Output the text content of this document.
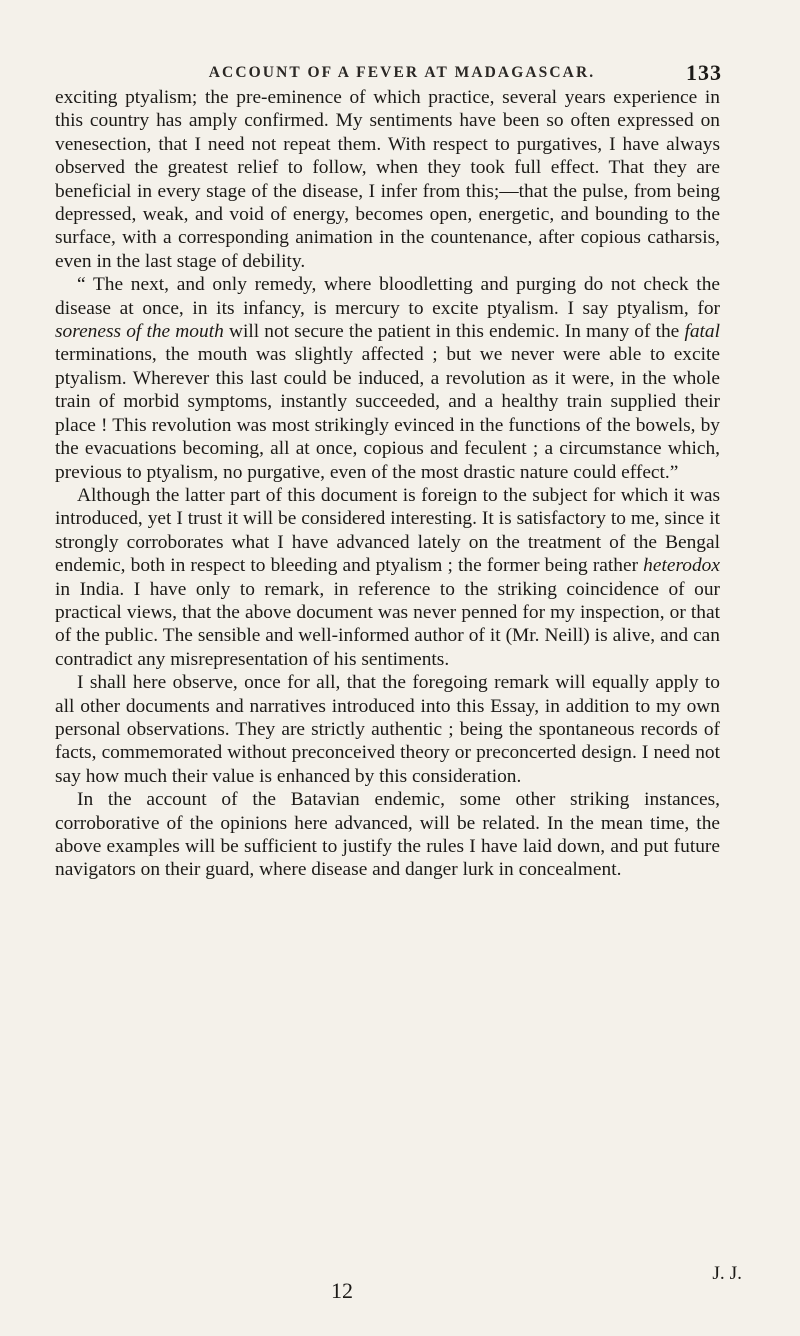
ACCOUNT OF A FEVER AT MADAGASCAR.	133

exciting ptyalism; the pre-eminence of which practice, several years experience in this country has amply confirmed. My sentiments have been so often expressed on venesection, that I need not repeat them. With respect to purgatives, I have always observed the greatest relief to follow, when they took full effect. That they are beneficial in every stage of the disease, I infer from this;—that the pulse, from being depressed, weak, and void of energy, becomes open, energetic, and bounding to the surface, with a corresponding animation in the countenance, after copious catharsis, even in the last stage of debility.

“ The next, and only remedy, where bloodletting and purging do not check the disease at once, in its infancy, is mercury to excite ptyalism. I say ptyalism, for soreness of the mouth will not secure the patient in this endemic. In many of the fatal terminations, the mouth was slightly affected ; but we never were able to excite ptyalism. Wherever this last could be induced, a revolution as it were, in the whole train of morbid symptoms, instantly succeeded, and a healthy train supplied their place ! This revolution was most strikingly evinced in the functions of the bowels, by the evacuations becoming, all at once, copious and feculent ; a circumstance which, previous to ptyalism, no purgative, even of the most drastic nature could effect.”

Although the latter part of this document is foreign to the subject for which it was introduced, yet I trust it will be considered interesting. It is satisfactory to me, since it strongly corroborates what I have advanced lately on the treatment of the Bengal endemic, both in respect to bleeding and ptyalism ; the former being rather heterodox in India. I have only to remark, in reference to the striking coincidence of our practical views, that the above document was never penned for my inspection, or that of the public. The sensible and well-informed author of it (Mr. Neill) is alive, and can contradict any misrepresentation of his sentiments.

I shall here observe, once for all, that the foregoing remark will equally apply to all other documents and narratives introduced into this Essay, in addition to my own personal observations. They are strictly authentic ; being the spontaneous records of facts, commemorated without preconceived theory or preconcerted design. I need not say how much their value is enhanced by this consideration.

In the account of the Batavian endemic, some other striking instances, corroborative of the opinions here advanced, will be related. In the mean time, the above examples will be sufficient to justify the rules I have laid down, and put future navigators on their guard, where disease and danger lurk in concealment.

J. J.
12
